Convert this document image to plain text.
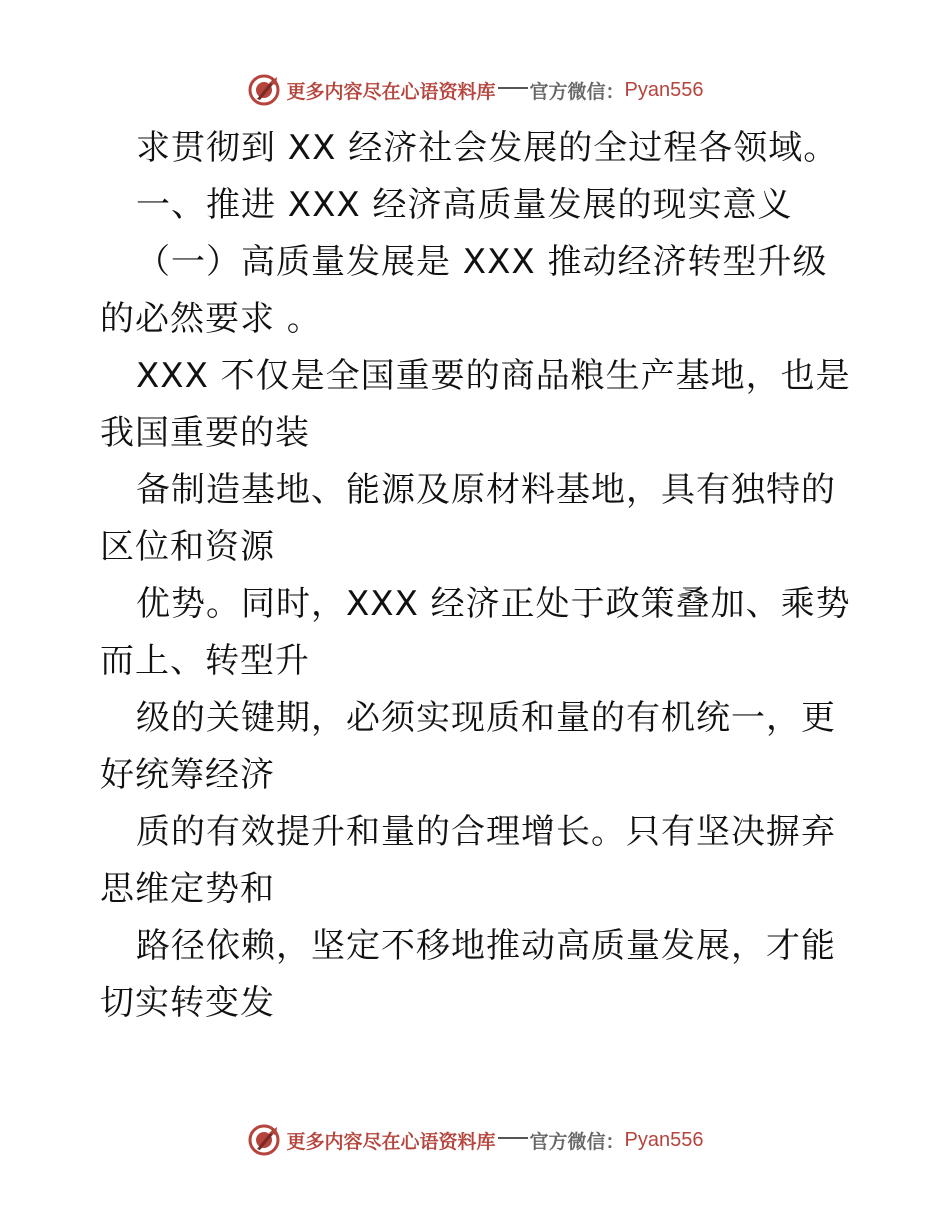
更多内容尽在心语资料库 官方微信： Pyan556

求贯彻到 XX 经济社会发展的全过程各领域。

一、推进 XXX 经济高质量发展的现实意义

（一）高质量发展是 XXX 推动经济转型升级的必然要求 。

XXX 不仅是全国重要的商品粮生产基地，也是我国重要的装

备制造基地、能源及原材料基地，具有独特的区位和资源

优势。同时，XXX 经济正处于政策叠加、乘势而上、转型升

级的关键期，必须实现质和量的有机统一，更好统筹经济

质的有效提升和量的合理增长。只有坚决摒弃思维定势和

路径依赖，坚定不移地推动高质量发展，才能切实转变发

更多内容尽在心语资料库 官方微信： Pyan556
